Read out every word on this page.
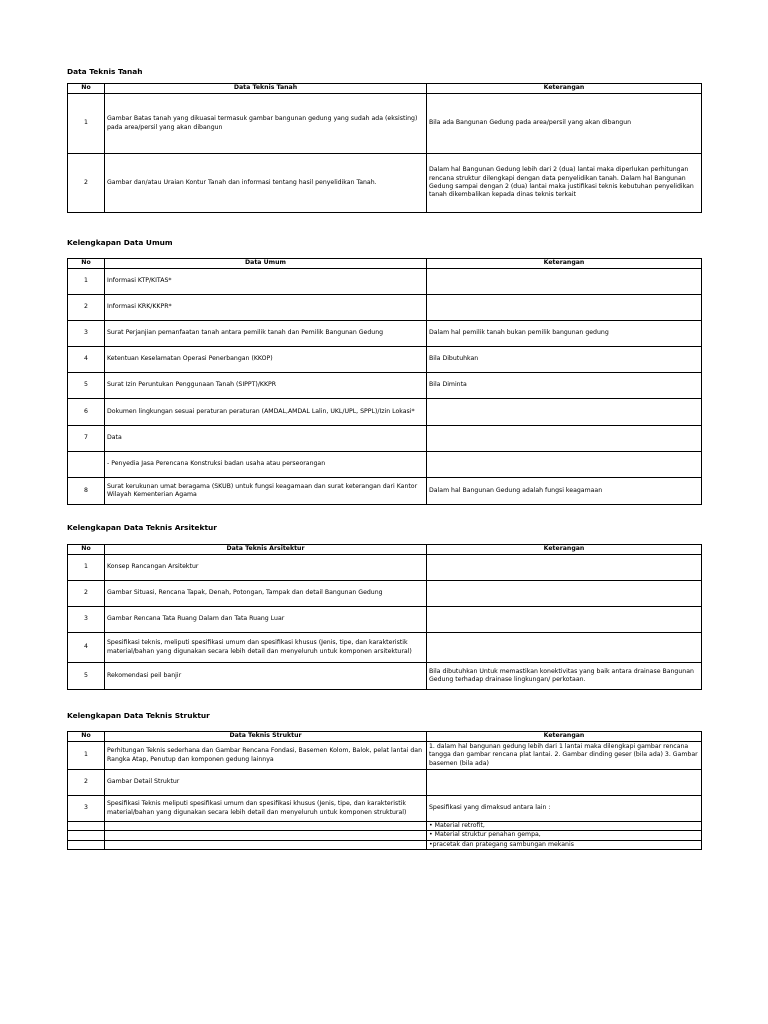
Data Teknis Tanah
No	Data Teknis Tanah	Keterangan
1	Gambar Batas tanah yang dikuasai termasuk gambar bangunan gedung yang sudah ada (eksisting) pada area/persil yang akan dibangun	Bila ada Bangunan Gedung pada area/persil yang akan dibangun
2	Gambar dan/atau Uraian Kontur Tanah dan informasi tentang hasil penyelidikan Tanah.	Dalam hal Bangunan Gedung lebih dari 2 (dua) lantai maka diperlukan perhitungan rencana struktur dilengkapi dengan data penyelidikan tanah. Dalam hal Bangunan Gedung sampai dengan 2 (dua) lantai maka justifikasi teknis kebutuhan penyelidikan tanah dikembalikan kepada dinas teknis terkait
Kelengkapan Data Umum
No	Data Umum	Keterangan
1	Informasi KTP/KITAS*	
2	Informasi KRK/KKPR*	
3	Surat Perjanjian pemanfaatan tanah antara pemilik tanah dan Pemilik Bangunan Gedung	Dalam hal pemilik tanah bukan pemilik bangunan gedung
4	Ketentuan Keselamatan Operasi Penerbangan (KKOP)	Bila Dibutuhkan
5	Surat Izin Peruntukan Penggunaan Tanah (SIPPT)/KKPR	Bila Diminta
6	Dokumen lingkungan sesuai peraturan peraturan (AMDAL,AMDAL Lalin, UKL/UPL, SPPL)/Izin Lokasi*	
7	Data	
	- Penyedia Jasa Perencana Konstruksi badan usaha atau perseorangan	
8	Surat kerukunan umat beragama (SKUB) untuk fungsi keagamaan dan surat keterangan dari Kantor Wilayah Kementerian Agama	Dalam hal Bangunan Gedung adalah fungsi keagamaan
Kelengkapan Data Teknis Arsitektur
No	Data Teknis Arsitektur	Keterangan
1	Konsep Rancangan Arsitektur	
2	Gambar Situasi, Rencana Tapak, Denah, Potongan, Tampak dan detail Bangunan Gedung	
3	Gambar Rencana Tata Ruang Dalam dan Tata Ruang Luar	
4	Spesifikasi teknis, meliputi spesifikasi umum dan spesifikasi khusus (Jenis, tipe, dan karakteristik material/bahan yang digunakan secara lebih detail dan menyeluruh untuk komponen arsitektural)	
5	Rekomendasi peil banjir	Bila dibutuhkan Untuk memastikan konektivitas yang baik antara drainase Bangunan Gedung terhadap drainase lingkungan/ perkotaan.
Kelengkapan Data Teknis Struktur
No	Data Teknis Struktur	Keterangan
1	Perhitungan Teknis sederhana dan Gambar Rencana Fondasi, Basemen Kolom, Balok, pelat lantai dan Rangka Atap, Penutup dan komponen gedung lainnya	1. dalam hal bangunan gedung lebih dari 1 lantai maka dilengkapi gambar rencana tangga dan gambar rencana plat lantai. 2. Gambar dinding geser (bila ada) 3. Gambar basemen (bila ada)
2	Gambar Detail Struktur	
3	Spesifikasi Teknis meliputi spesifikasi umum dan spesifikasi khusus (Jenis, tipe, dan karakteristik material/bahan yang digunakan secara lebih detail dan menyeluruh untuk komponen struktural)	Spesifikasi yang dimaksud antara lain :
		• Material retrofit,
		• Material struktur penahan gempa,
		•pracetak dan prategang sambungan mekanis
